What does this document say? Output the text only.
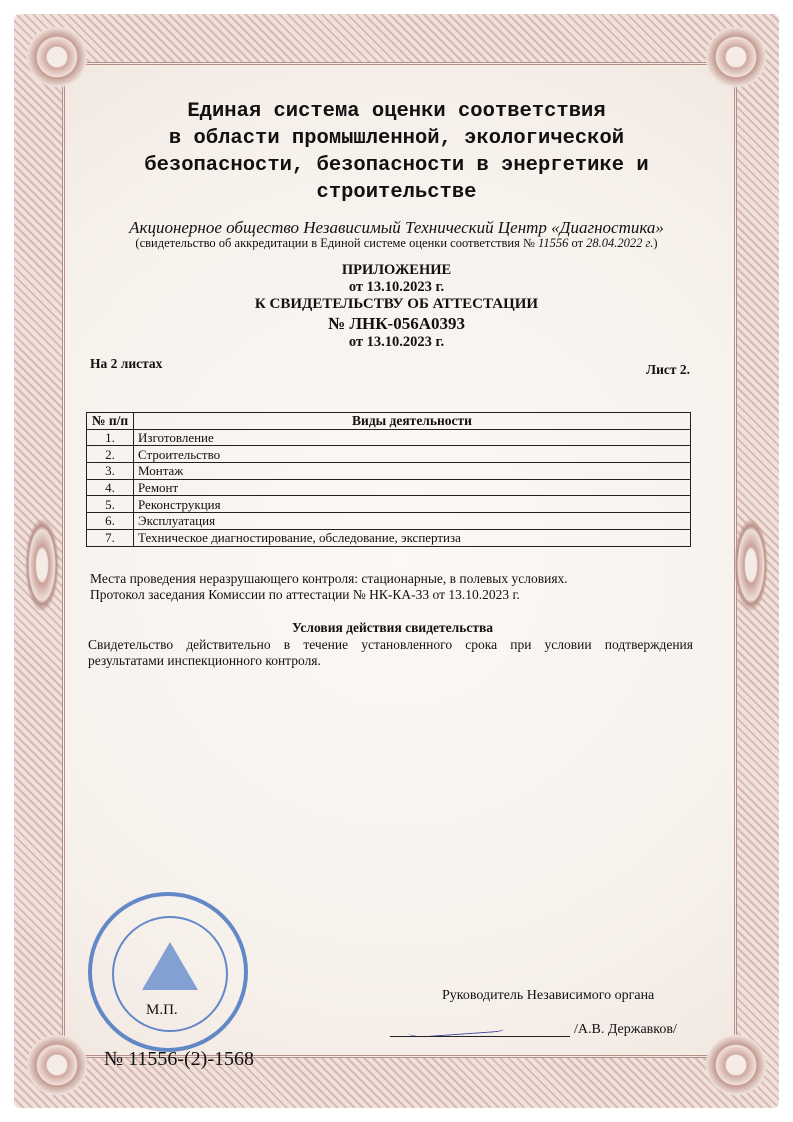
Единая система оценки соответствия
в области промышленной, экологической
безопасности, безопасности в энергетике и
строительстве
Акционерное общество Независимый Технический Центр «Диагностика»
(свидетельство об аккредитации в Единой системе оценки соответствия № 11556 от 28.04.2022 г.)
ПРИЛОЖЕНИЕ
от 13.10.2023 г.
К СВИДЕТЕЛЬСТВУ ОБ АТТЕСТАЦИИ
№ ЛНК-056А0393
от 13.10.2023 г.
На 2 листах	Лист 2.
№ п/п	Виды деятельности
1.	Изготовление
2.	Строительство
3.	Монтаж
4.	Ремонт
5.	Реконструкция
6.	Эксплуатация
7.	Техническое диагностирование, обследование, экспертиза
Места проведения неразрушающего контроля: стационарные, в полевых условиях.
Протокол заседания Комиссии по аттестации № НК-КА-33 от 13.10.2023 г.
Условия действия свидетельства
Свидетельство действительно в течение установленного срока при условии подтверждения
результатами инспекционного контроля.
М.П.
Руководитель Независимого органа
/А.В. Державков/
№ 11556-(2)-1568
